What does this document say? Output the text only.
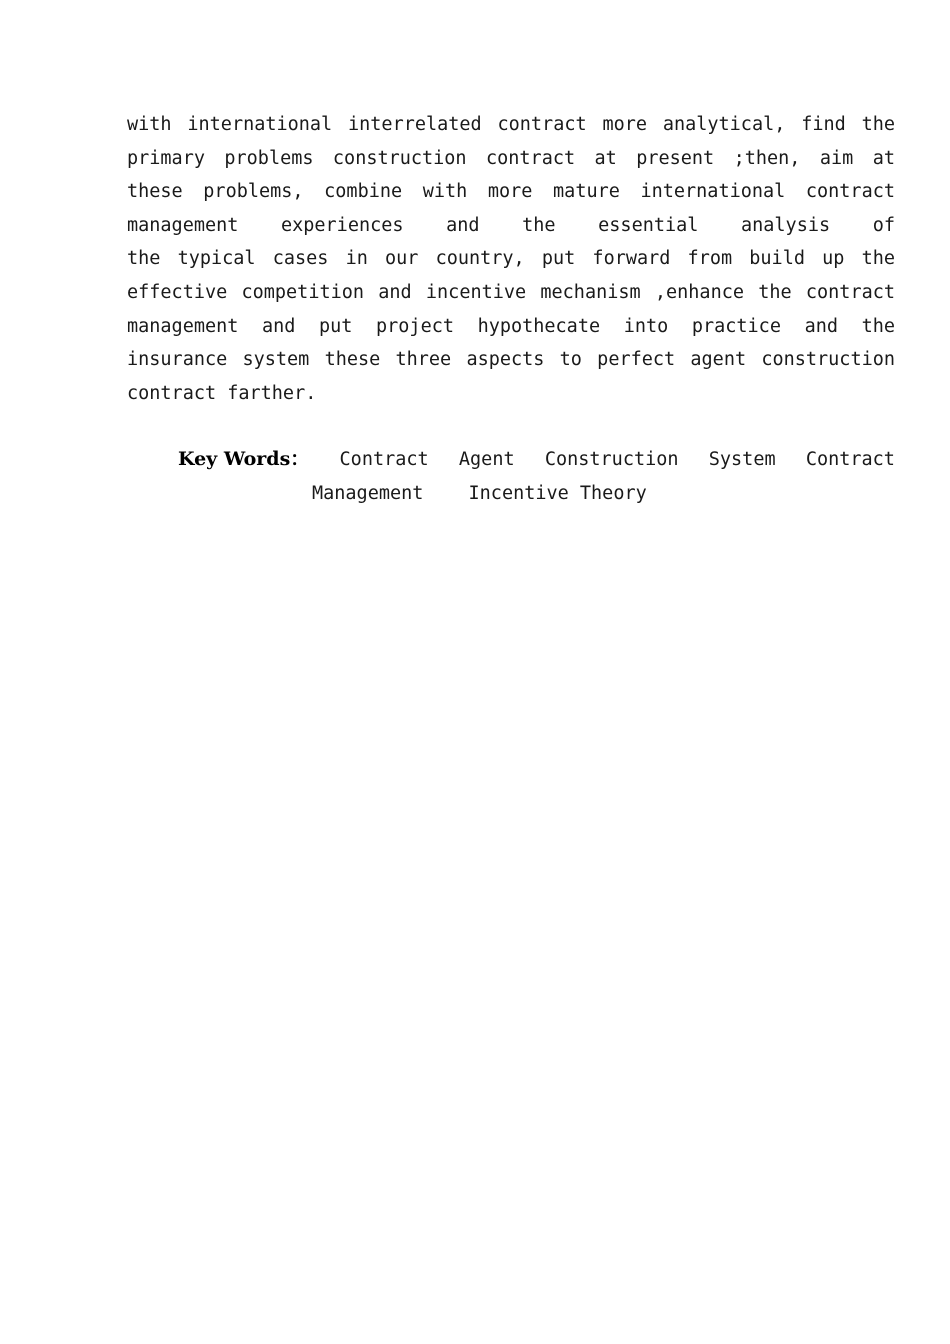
with international interrelated contract more analytical, find the
primary problems construction contract at present ;then, aim at
these problems, combine with more mature international contract
management experiences and the essential analysis of
the typical cases in our country, put forward from build up the
effective competition and incentive mechanism ,enhance the contract
management and put project hypothecate into practice and the
insurance system these three aspects to perfect agent construction
contract farther.
Key Words： Contract Agent Construction System Contract
Management Incentive Theory
